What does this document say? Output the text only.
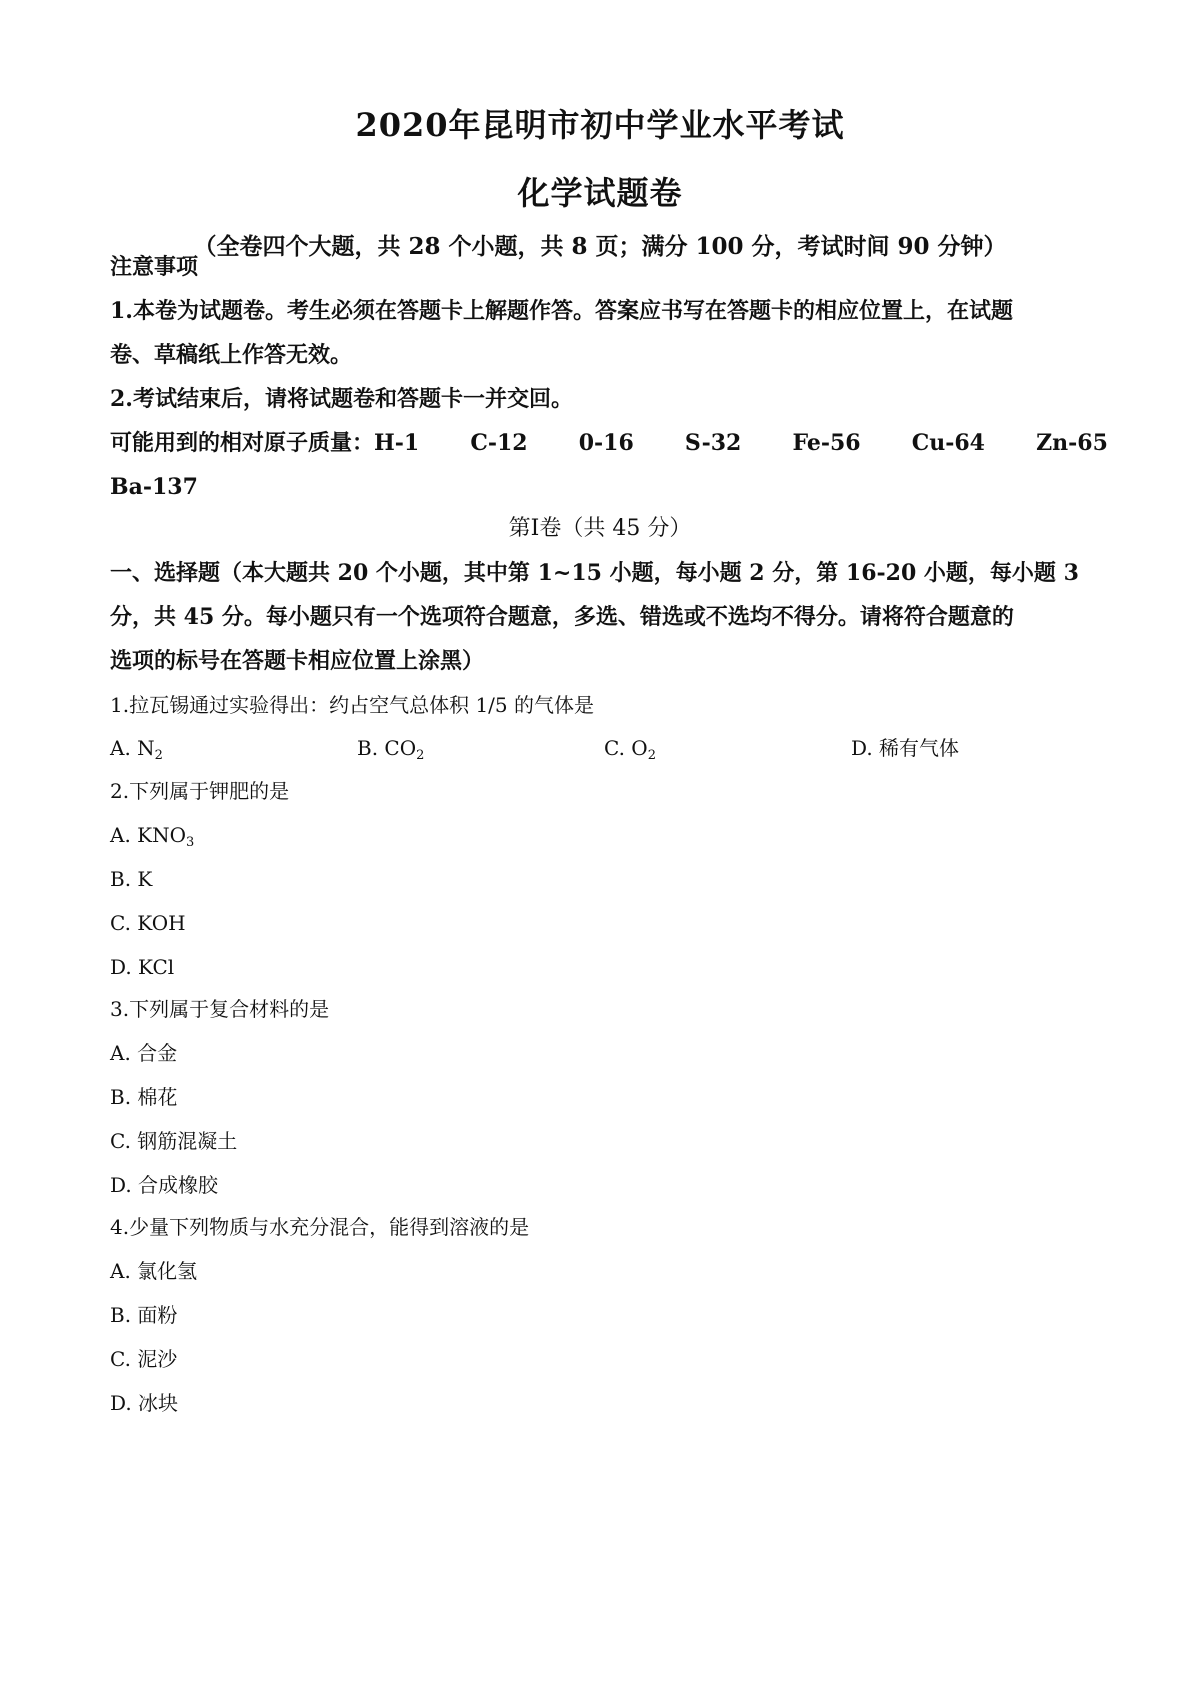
2020年昆明市初中学业水平考试
化学试题卷
（全卷四个大题，共 28 个小题，共 8 页；满分 100 分，考试时间 90 分钟）
注意事项
1.本卷为试题卷。考生必须在答题卡上解题作答。答案应书写在答题卡的相应位置上，在试题
卷、草稿纸上作答无效。
2.考试结束后，请将试题卷和答题卡一并交回。
可能用到的相对原子质量：H-1 C-12 0-16 S-32 Fe-56 Cu-64 Zn-65
Ba-137
第Ⅰ卷（共 45 分）
一、选择题（本大题共 20 个小题，其中第 1~15 小题，每小题 2 分，第 16-20 小题，每小题 3
分，共 45 分。每小题只有一个选项符合题意，多选、错选或不选均不得分。请将符合题意的
选项的标号在答题卡相应位置上涂黑）
1.拉瓦锡通过实验得出：约占空气总体积 1/5 的气体是
A. $N_2$	B. $CO_2$	C. $O_2$	D. 稀有气体
2.下列属于钾肥的是
A. $KNO_3$
B. K
C. KOH
D. KCl
3.下列属于复合材料的是
A. 合金
B. 棉花
C. 钢筋混凝土
D. 合成橡胶
4.少量下列物质与水充分混合，能得到溶液的是
A. 氯化氢
B. 面粉
C. 泥沙
D. 冰块
